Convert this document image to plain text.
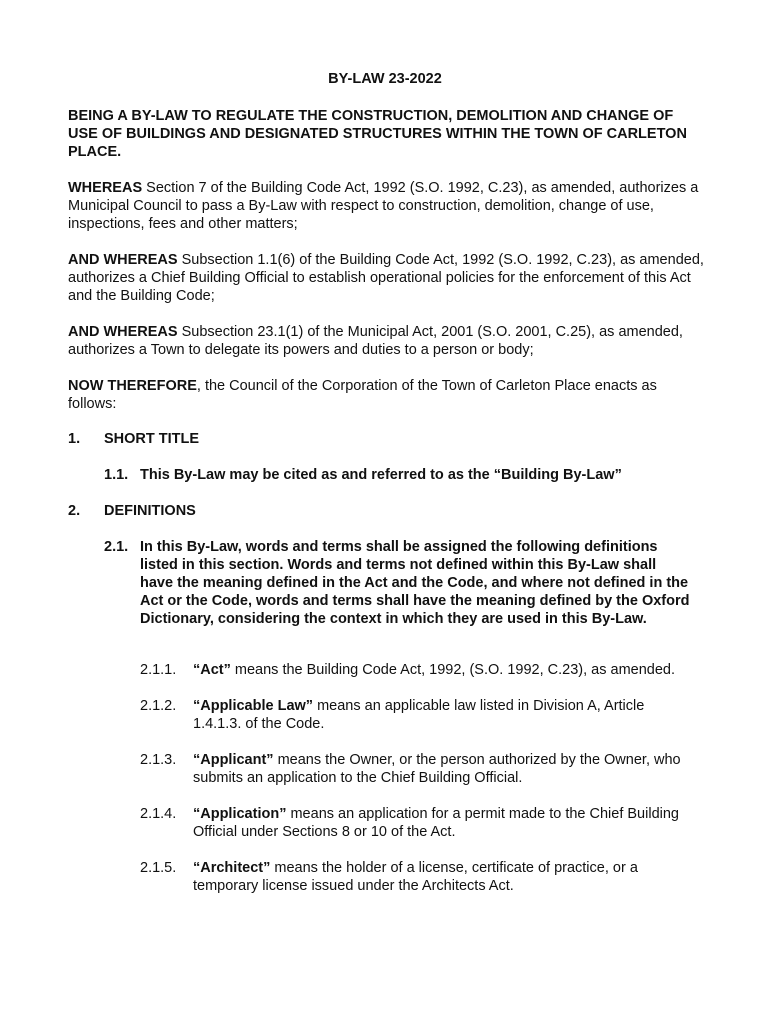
BY-LAW 23-2022
BEING A BY-LAW TO REGULATE THE CONSTRUCTION, DEMOLITION AND CHANGE OF USE OF BUILDINGS AND DESIGNATED STRUCTURES WITHIN THE TOWN OF CARLETON PLACE.
WHEREAS Section 7 of the Building Code Act, 1992 (S.O. 1992, C.23), as amended, authorizes a Municipal Council to pass a By-Law with respect to construction, demolition, change of use, inspections, fees and other matters;
AND WHEREAS Subsection 1.1(6) of the Building Code Act, 1992 (S.O. 1992, C.23), as amended, authorizes a Chief Building Official to establish operational policies for the enforcement of this Act and the Building Code;
AND WHEREAS Subsection 23.1(1) of the Municipal Act, 2001 (S.O. 2001, C.25), as amended, authorizes a Town to delegate its powers and duties to a person or body;
NOW THEREFORE, the Council of the Corporation of the Town of Carleton Place enacts as follows:
1. SHORT TITLE
1.1. This By-Law may be cited as and referred to as the “Building By-Law”
2. DEFINITIONS
2.1. In this By-Law, words and terms shall be assigned the following definitions listed in this section. Words and terms not defined within this By-Law shall have the meaning defined in the Act and the Code, and where not defined in the Act or the Code, words and terms shall have the meaning defined by the Oxford Dictionary, considering the context in which they are used in this By-Law.
2.1.1. “Act” means the Building Code Act, 1992, (S.O. 1992, C.23), as amended.
2.1.2. “Applicable Law” means an applicable law listed in Division A, Article 1.4.1.3. of the Code.
2.1.3. “Applicant” means the Owner, or the person authorized by the Owner, who submits an application to the Chief Building Official.
2.1.4. “Application” means an application for a permit made to the Chief Building Official under Sections 8 or 10 of the Act.
2.1.5. “Architect” means the holder of a license, certificate of practice, or a temporary license issued under the Architects Act.
